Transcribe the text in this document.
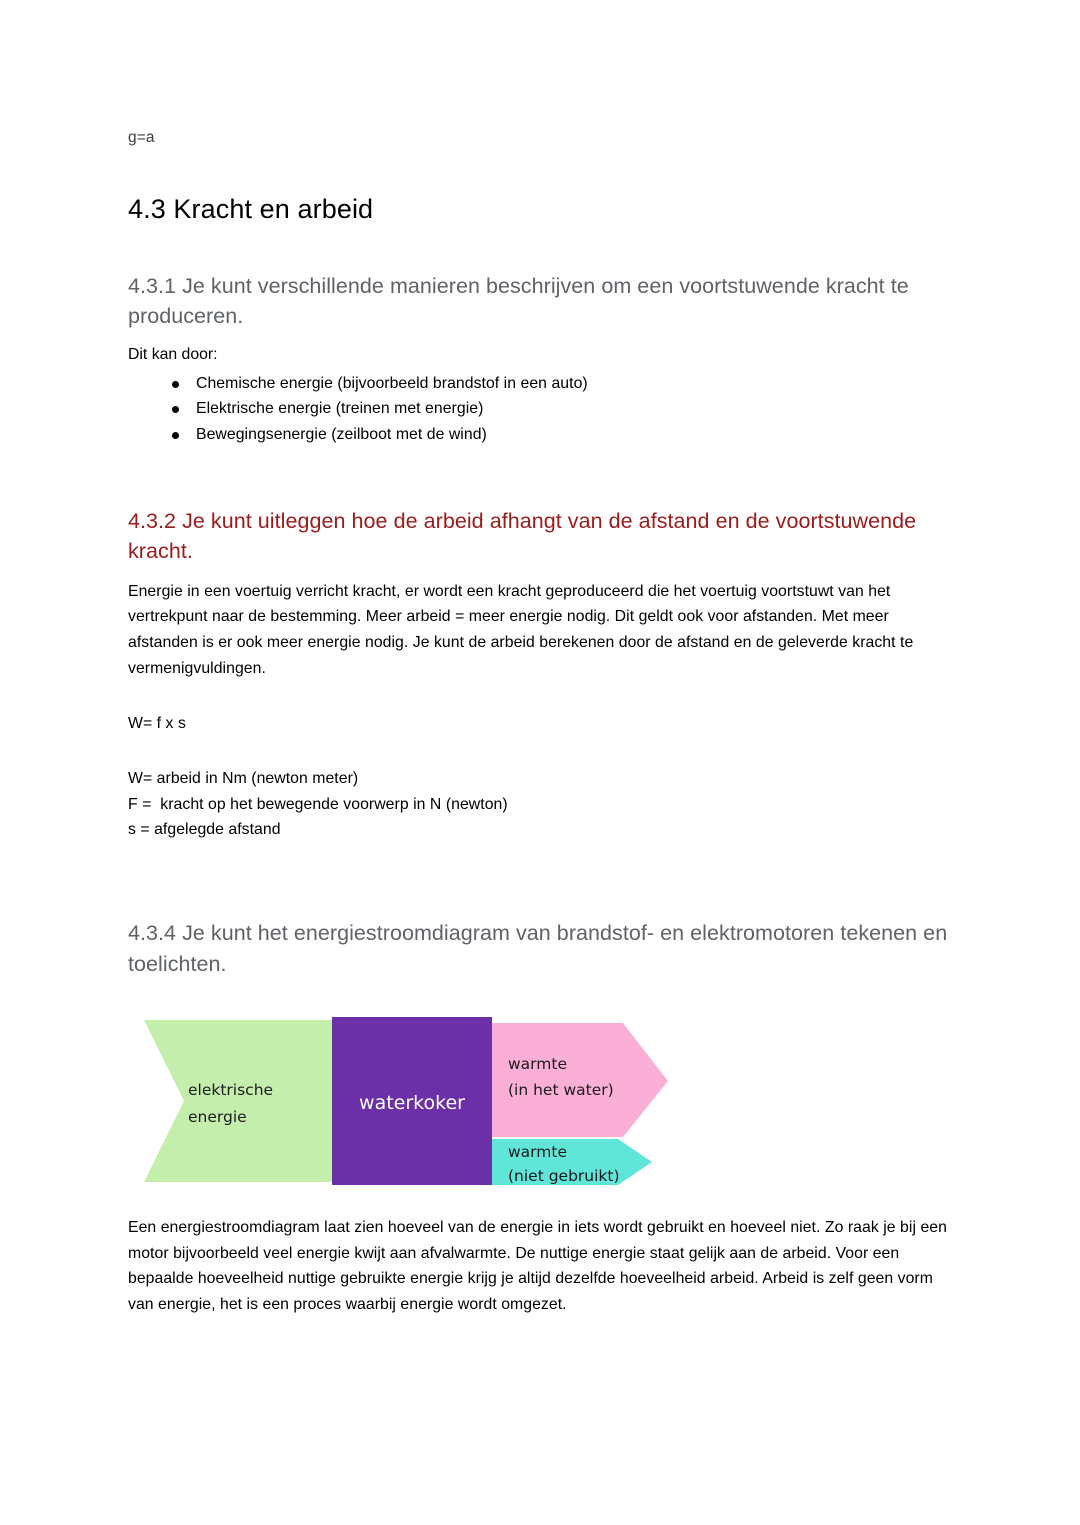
g=a
4.3 Kracht en arbeid
4.3.1 Je kunt verschillende manieren beschrijven om een voortstuwende kracht te produceren.
Dit kan door:
Chemische energie (bijvoorbeeld brandstof in een auto)
Elektrische energie (treinen met energie)
Bewegingsenergie (zeilboot met de wind)
4.3.2 Je kunt uitleggen hoe de arbeid afhangt van de afstand en de voortstuwende kracht.

Energie in een voertuig verricht kracht, er wordt een kracht geproduceerd die het voertuig voortstuwt van het vertrekpunt naar de bestemming. Meer arbeid = meer energie nodig. Dit geldt ook voor afstanden. Met meer afstanden is er ook meer energie nodig. Je kunt de arbeid berekenen door de afstand en de geleverde kracht te vermenigvuldingen.

W= f x s
W= arbeid in Nm (newton meter)
F =  kracht op het bewegende voorwerp in N (newton)
s = afgelegde afstand
4.3.4 Je kunt het energiestroomdiagram van brandstof- en elektromotoren tekenen en toelichten.
elektrische
energie
waterkoker
warmte
(in het water)
warmte
(niet gebruikt)

Een energiestroomdiagram laat zien hoeveel van de energie in iets wordt gebruikt en hoeveel niet. Zo raak je bij een motor bijvoorbeeld veel energie kwijt aan afvalwarmte. De nuttige energie staat gelijk aan de arbeid. Voor een bepaalde hoeveelheid nuttige gebruikte energie krijg je altijd dezelfde hoeveelheid arbeid. Arbeid is zelf geen vorm van energie, het is een proces waarbij energie wordt omgezet.
